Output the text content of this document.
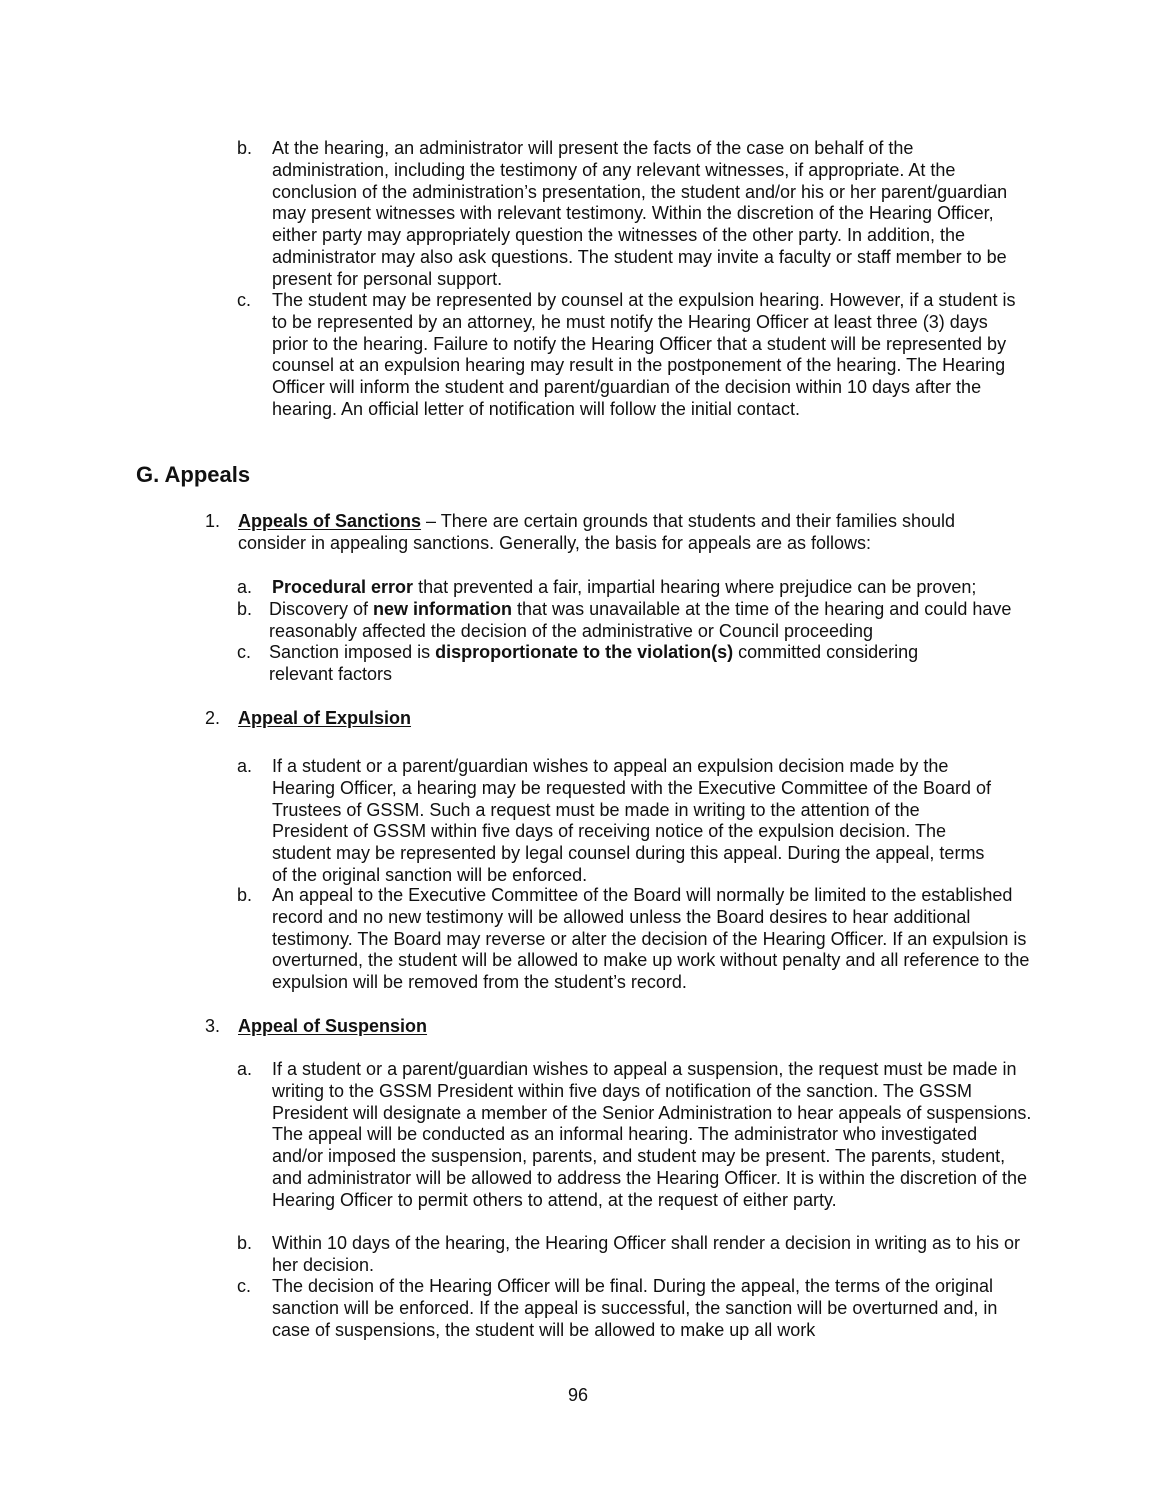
b.	At the hearing, an administrator will present the facts of the case on behalf of the administration, including the testimony of any relevant witnesses, if appropriate. At the conclusion of the administration’s presentation, the student and/or his or her parent/guardian may present witnesses with relevant testimony. Within the discretion of the Hearing Officer, either party may appropriately question the witnesses of the other party. In addition, the administrator may also ask questions. The student may invite a faculty or staff member to be present for personal support.
c.	The student may be represented by counsel at the expulsion hearing. However, if a student is to be represented by an attorney, he must notify the Hearing Officer at least three (3) days prior to the hearing. Failure to notify the Hearing Officer that a student will be represented by counsel at an expulsion hearing may result in the postponement of the hearing. The Hearing Officer will inform the student and parent/guardian of the decision within 10 days after the hearing. An official letter of notification will follow the initial contact.
G. Appeals
1. Appeals of Sanctions – There are certain grounds that students and their families should consider in appealing sanctions. Generally, the basis for appeals are as follows:
a.	Procedural error that prevented a fair, impartial hearing where prejudice can be proven;
b. Discovery of new information that was unavailable at the time of the hearing and could have reasonably affected the decision of the administrative or Council proceeding
c. Sanction imposed is disproportionate to the violation(s) committed considering relevant factors
2. Appeal of Expulsion
a.	If a student or a parent/guardian wishes to appeal an expulsion decision made by the Hearing Officer, a hearing may be requested with the Executive Committee of the Board of Trustees of GSSM. Such a request must be made in writing to the attention of the President of GSSM within five days of receiving notice of the expulsion decision. The student may be represented by legal counsel during this appeal. During the appeal, terms of the original sanction will be enforced.
b.	An appeal to the Executive Committee of the Board will normally be limited to the established record and no new testimony will be allowed unless the Board desires to hear additional testimony. The Board may reverse or alter the decision of the Hearing Officer. If an expulsion is overturned, the student will be allowed to make up work without penalty and all reference to the expulsion will be removed from the student’s record.
3. Appeal of Suspension
a.	If a student or a parent/guardian wishes to appeal a suspension, the request must be made in writing to the GSSM President within five days of notification of the sanction. The GSSM President will designate a member of the Senior Administration to hear appeals of suspensions. The appeal will be conducted as an informal hearing. The administrator who investigated and/or imposed the suspension, parents, and student may be present. The parents, student, and administrator will be allowed to address the Hearing Officer. It is within the discretion of the Hearing Officer to permit others to attend, at the request of either party.
b.	Within 10 days of the hearing, the Hearing Officer shall render a decision in writing as to his or her decision.
c.	The decision of the Hearing Officer will be final. During the appeal, the terms of the original sanction will be enforced. If the appeal is successful, the sanction will be overturned and, in case of suspensions, the student will be allowed to make up all work
96
